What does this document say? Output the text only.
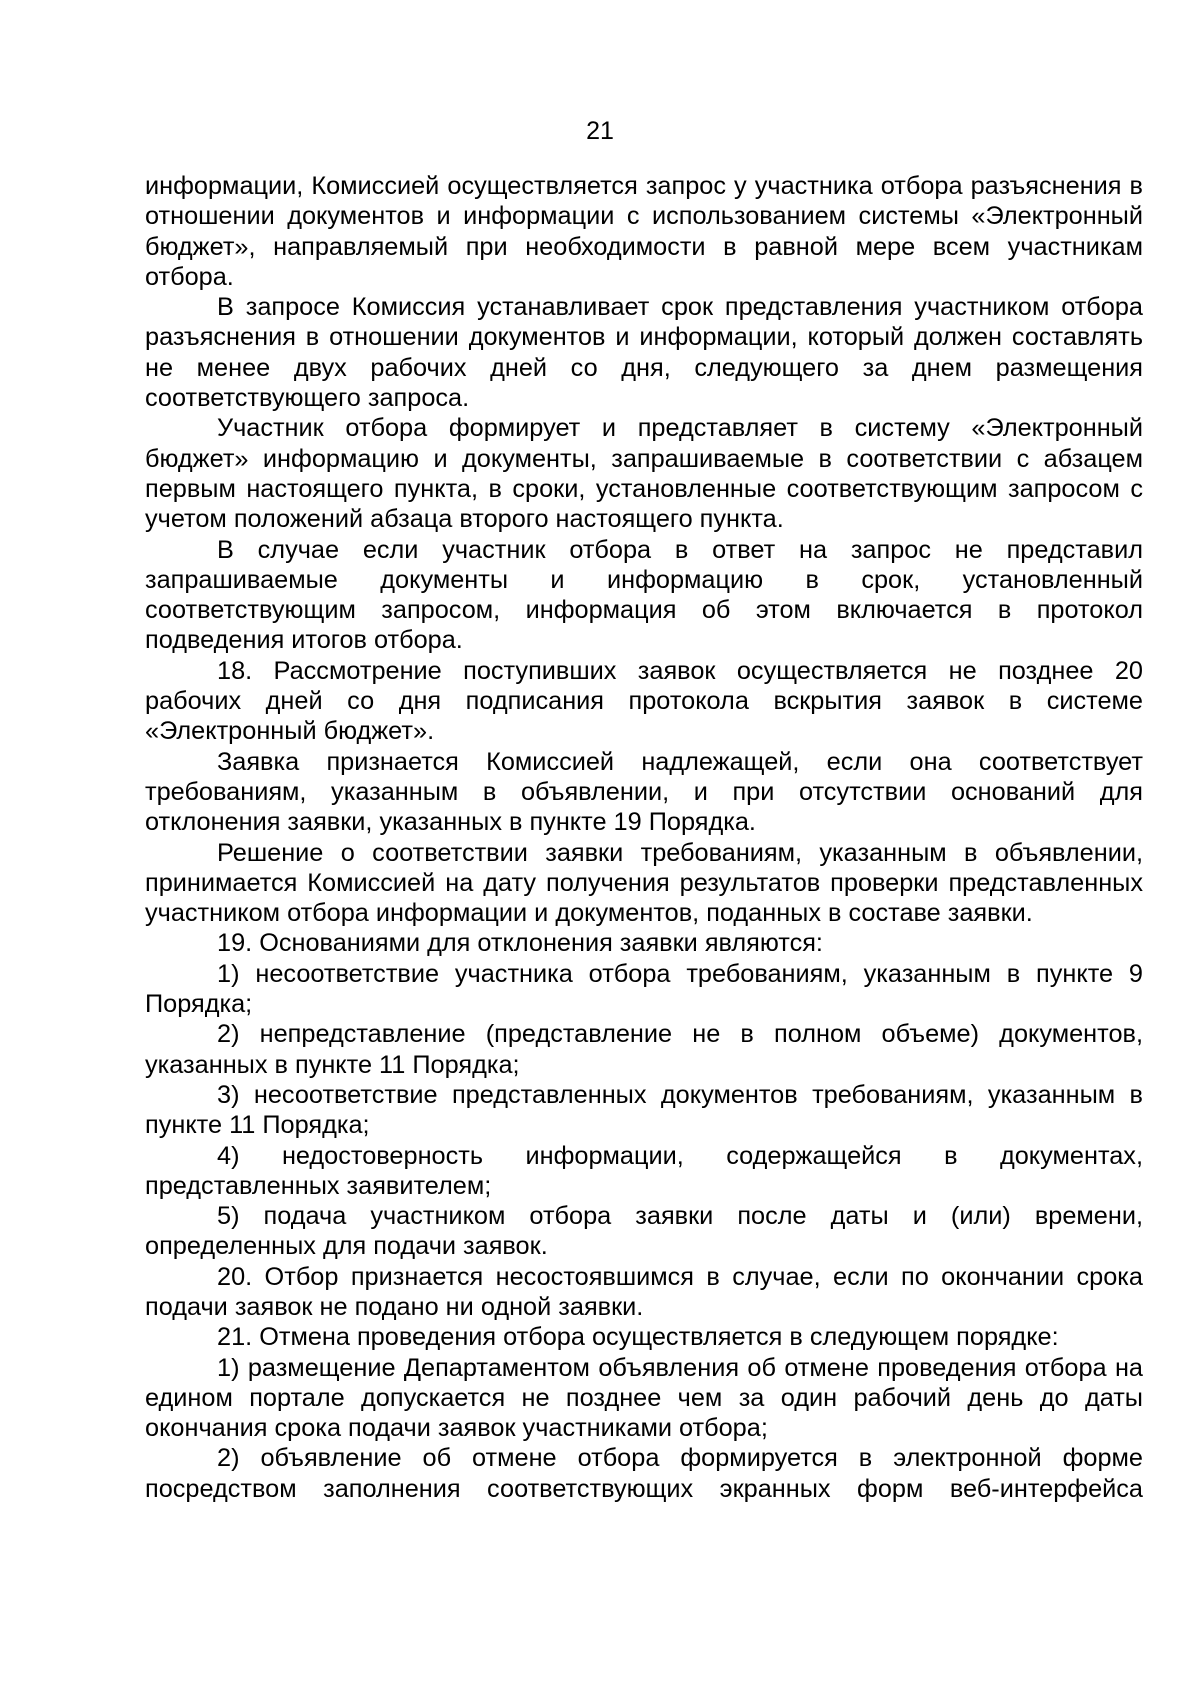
21

информации, Комиссией осуществляется запрос у участника отбора разъяснения в отношении документов и информации с использованием системы «Электронный бюджет», направляемый при необходимости в равной мере всем участникам отбора.

В запросе Комиссия устанавливает срок представления участником отбора разъяснения в отношении документов и информации, который должен составлять не менее двух рабочих дней со дня, следующего за днем размещения соответствующего запроса.

Участник отбора формирует и представляет в систему «Электронный бюджет» информацию и документы, запрашиваемые в соответствии с абзацем первым настоящего пункта, в сроки, установленные соответствующим запросом с учетом положений абзаца второго настоящего пункта.

В случае если участник отбора в ответ на запрос не представил запрашиваемые документы и информацию в срок, установленный соответствующим запросом, информация об этом включается в протокол подведения итогов отбора.

18. Рассмотрение поступивших заявок осуществляется не позднее 20 рабочих дней со дня подписания протокола вскрытия заявок в системе «Электронный бюджет».

Заявка признается Комиссией надлежащей, если она соответствует требованиям, указанным в объявлении, и при отсутствии оснований для отклонения заявки, указанных в пункте 19 Порядка.

Решение о соответствии заявки требованиям, указанным в объявлении, принимается Комиссией на дату получения результатов проверки представленных участником отбора информации и документов, поданных в составе заявки.

19. Основаниями для отклонения заявки являются:

1) несоответствие участника отбора требованиям, указанным в пункте 9 Порядка;

2) непредставление (представление не в полном объеме) документов, указанных в пункте 11 Порядка;

3) несоответствие представленных документов требованиям, указанным в пункте 11 Порядка;

4) недостоверность информации, содержащейся в документах, представленных заявителем;

5) подача участником отбора заявки после даты и (или) времени, определенных для подачи заявок.

20. Отбор признается несостоявшимся в случае, если по окончании срока подачи заявок не подано ни одной заявки.

21. Отмена проведения отбора осуществляется в следующем порядке:

1) размещение Департаментом объявления об отмене проведения отбора на едином портале допускается не позднее чем за один рабочий день до даты окончания срока подачи заявок участниками отбора;

2) объявление об отмене отбора формируется в электронной форме посредством заполнения соответствующих экранных форм веб-интерфейса
